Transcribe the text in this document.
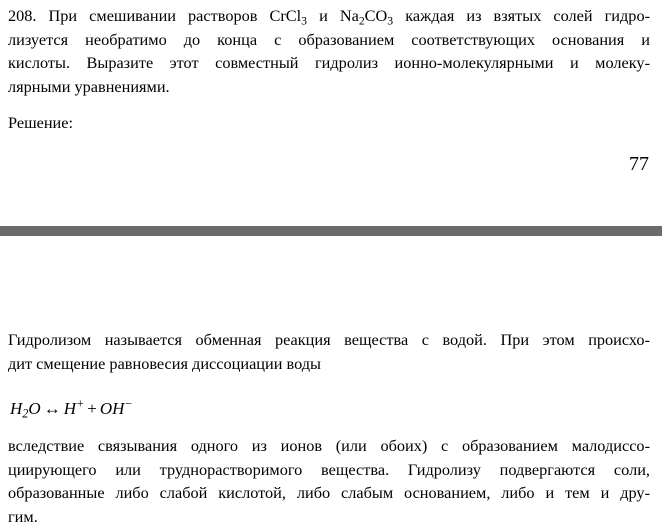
208. При смешивании растворов CrCl$_3$ и $Na_2CO_3$ каждая из взятых солей гидро-
лизуется необратимо до конца с образованием соответствующих основания и
кислоты. Выразите этот совместный гидролиз ионно-молекулярными и молеку-
лярными уравнениями.
Решение:
77
Гидролизом называется обменная реакция вещества с водой. При этом происхо-
дит смещение равновесия диссоциации воды
$H_2O$ ↔ H+ + OH−
вследствие связывания одного из ионов (или обоих) с образованием малодиссо-
циирующего или труднорастворимого вещества. Гидролизу подвергаются соли,
образованные либо слабой кислотой, либо слабым основанием, либо и тем и дру-
гим.
